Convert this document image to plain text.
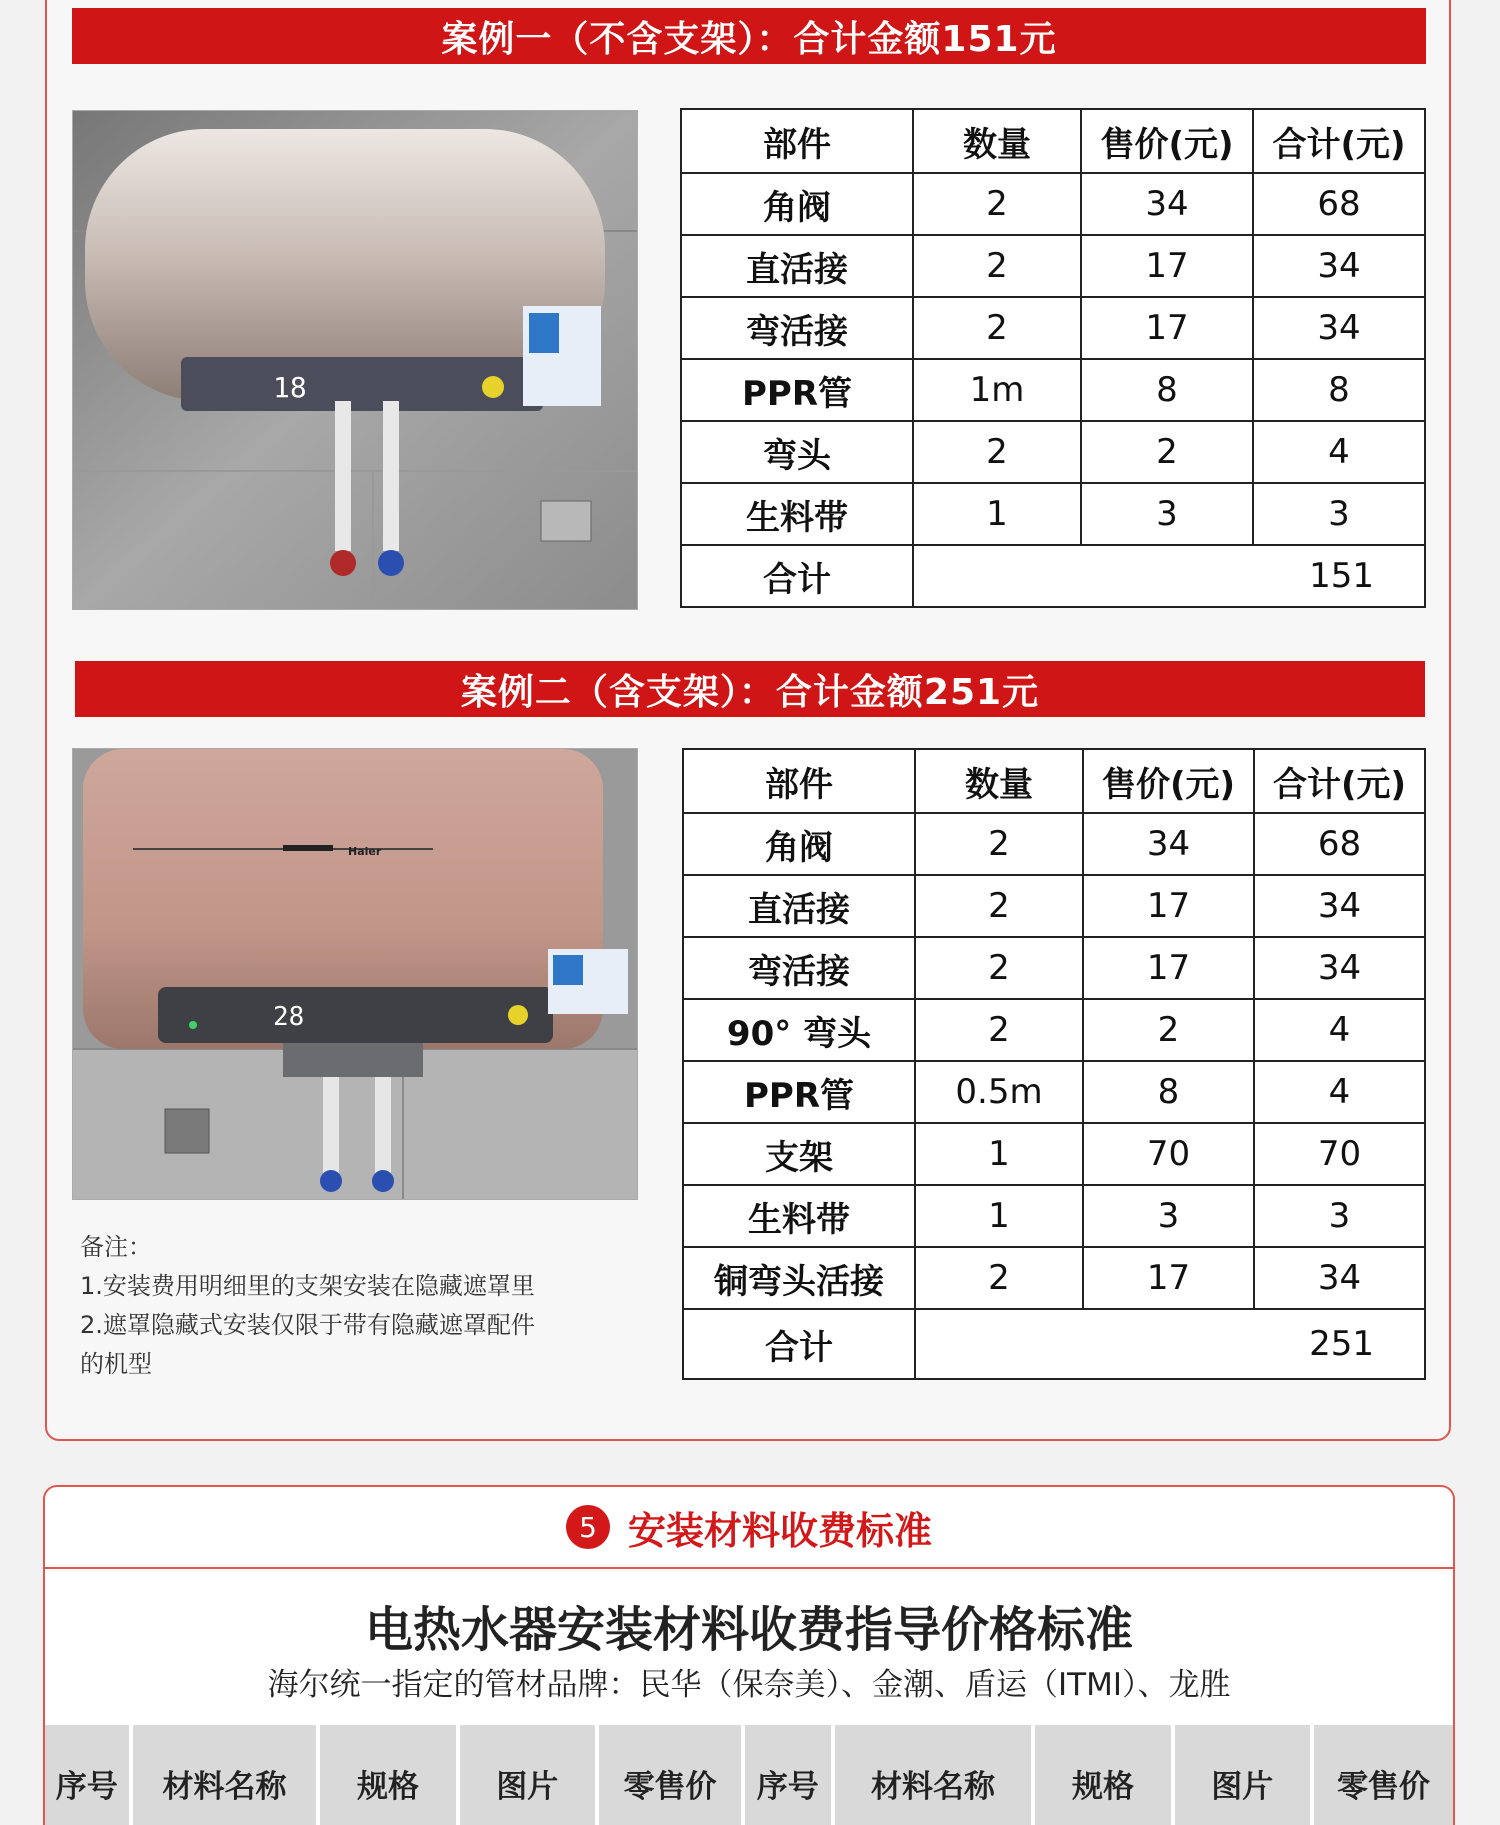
案例一（不含支架）：合计金额151元
18
部件	数量	售价(元)	合计(元)
角阀	2	34	68
直活接	2	17	34
弯活接	2	17	34
PPR管	1m	8	8
弯头	2	2	4
生料带	1	3	3
合计	151		
案例二（含支架）：合计金额251元
Haier
28
部件	数量	售价(元)	合计(元)
角阀	2	34	68
直活接	2	17	34
弯活接	2	17	34
90° 弯头	2	2	4
PPR管	0.5m	8	4
支架	1	70	70
生料带	1	3	3
铜弯头活接	2	17	34
合计	251		
备注：
1.安装费用明细里的支架安装在隐藏遮罩里
2.遮罩隐藏式安装仅限于带有隐藏遮罩配件
的机型
5 安装材料收费标准
电热水器安装材料收费指导价格标准
海尔统一指定的管材品牌：民华（保奈美）、金潮、盾运（ITMI）、龙胜
序号	材料名称	规格	图片	零售价	序号	材料名称	规格	图片	零售价
